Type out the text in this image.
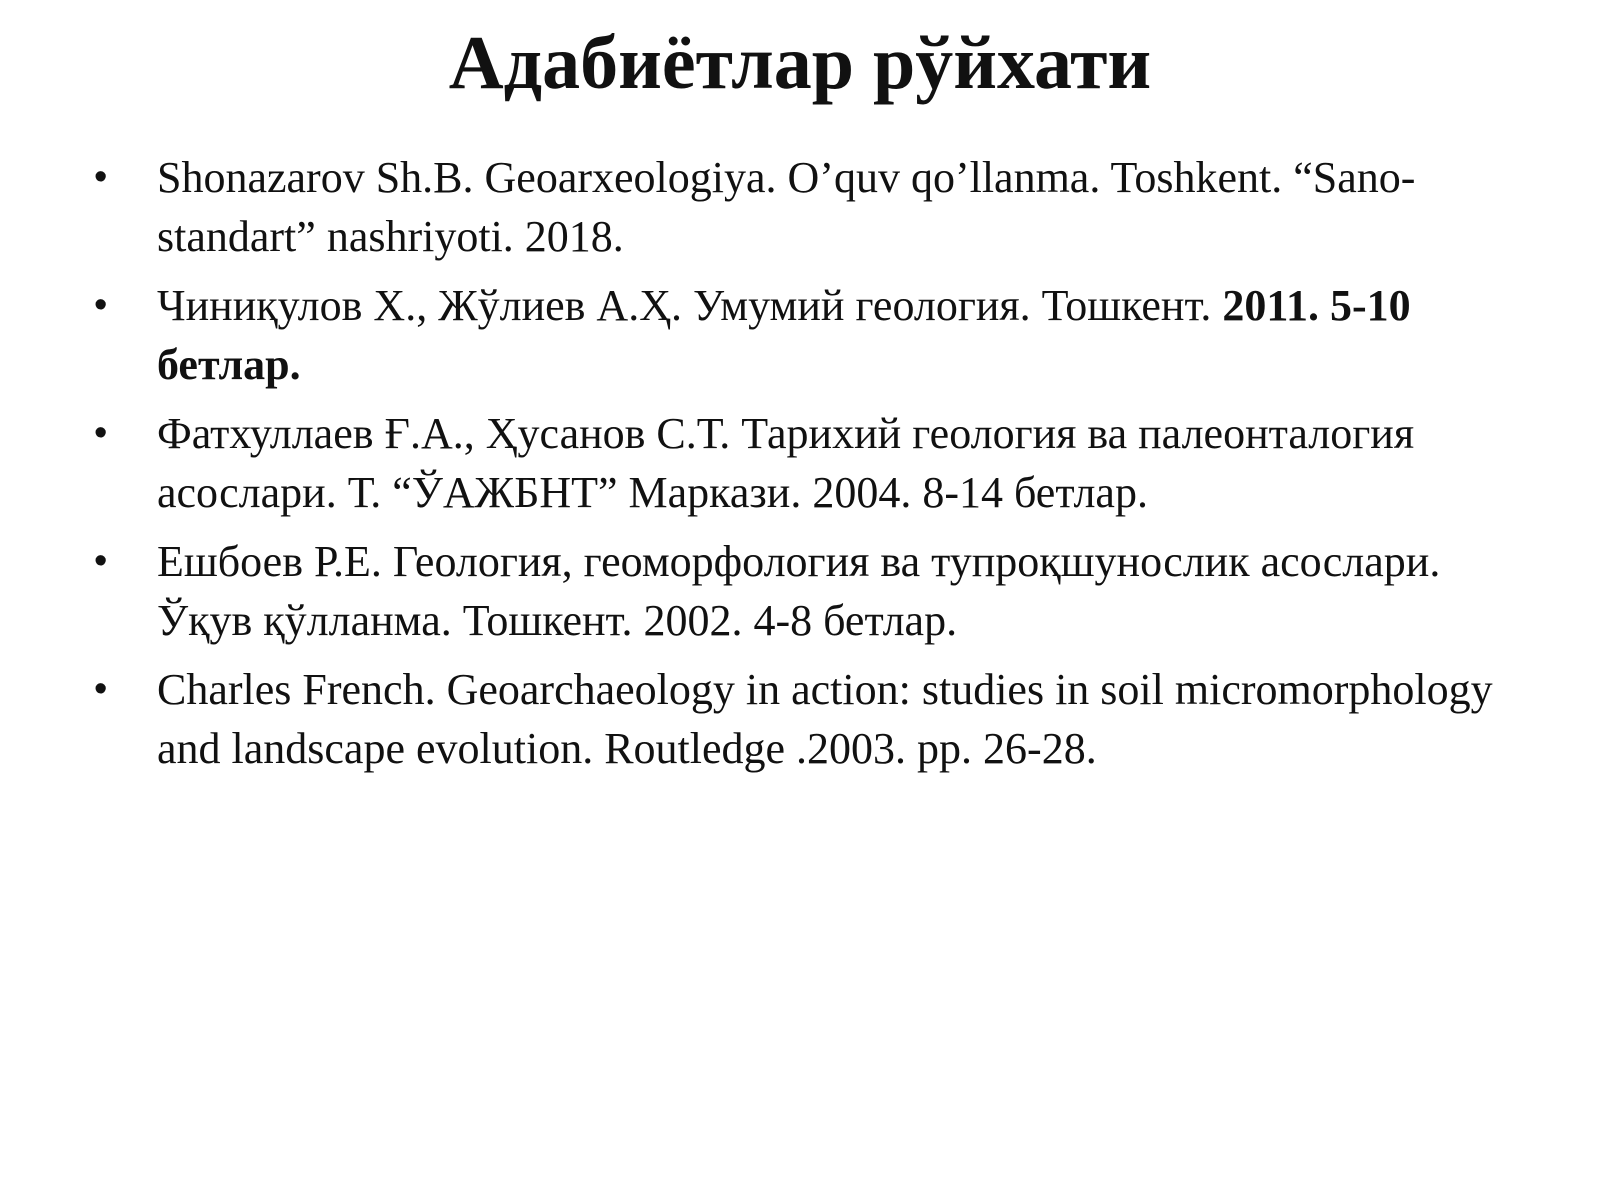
Адабиётлар рўйхати
• Shonazarov Sh.B. Geoarxeologiya. O’quv qo’llanma. Toshkent. “Sano-standart” nashriyoti. 2018.
• Чиниқулов Х., Жўлиев А.Ҳ. Умумий геология. Тошкент. 2011. 5-10 бетлар.
• Фатхуллаев Ғ.А., Ҳусанов С.Т. Тарихий геология ва палеонталогия асослари. Т. “ЎАЖБНТ” Маркази. 2004. 8-14 бетлар.
• Ешбоев Р.Е. Геология, геоморфология ва тупроқшунослик асослари. Ўқув қўлланма. Тошкент. 2002. 4-8 бетлар.
• Charles French. Geoarchaeology in action: studies in soil micromorphology and landscape evolution. Routledge .2003. pp. 26-28.
